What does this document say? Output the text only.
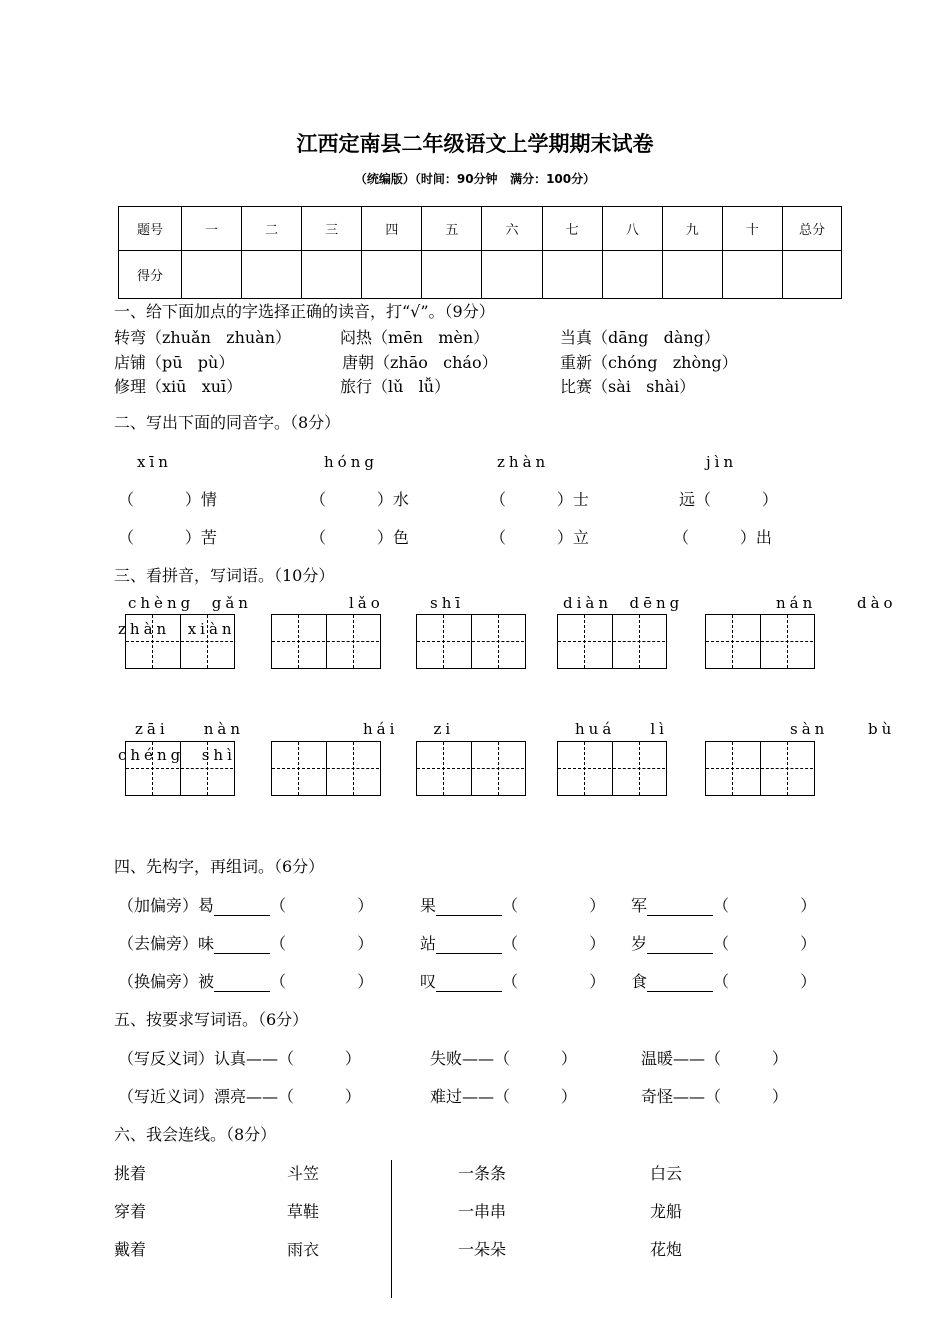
江西定南县二年级语文上学期期末试卷
（统编版）（时间：90分钟   满分：100分）
题号	一	二	三	四	五	六	七	八	九	十	总分
得分											
一、给下面加点的字选择正确的读音，打“√”。（9分）
转弯（zhuǎn   zhuàn）	闷热（mēn   mèn）	当真（dāng   dàng）
店铺（pū   pù）	唐朝（zhāo   cháo）	重新（chóng   zhòng）
修理（xiū   xuī）	旅行（lǔ   lǚ）	比赛（sài   shài）
二、写出下面的同音字。（8分）
xīn	hóng	zhàn	jìn
（          ）情	（          ）水	（          ）士	远（          ）
（          ）苦	（          ）色	（          ）立	（          ）出
三、看拼音，写词语。（10分）
chèng  gǎn	lǎo	shī	diàn  dēng	nán	dào
zhàn  xiàn
zāi    nàn	hái    zi	huá    lì	sàn	bù
chéng  shì
四、先构字，再组词。（6分）
（加偏旁）曷	（              ）	果	（              ） 军	（              ）
（去偏旁）味	（              ）	站	（              ） 岁	（              ）
（换偏旁）被	（              ）	叹	（              ） 食	（              ）
五、按要求写词语。（6分）
（写反义词）认真——（          ）	失败——（          ）	温暖——（          ）
（写近义词）漂亮——（          ）	难过——（          ）	奇怪——（          ）
六、我会连线。（8分）
挑着
穿着
戴着
斗笠
草鞋
雨衣
一条条
一串串
一朵朵
白云
龙船
花炮
